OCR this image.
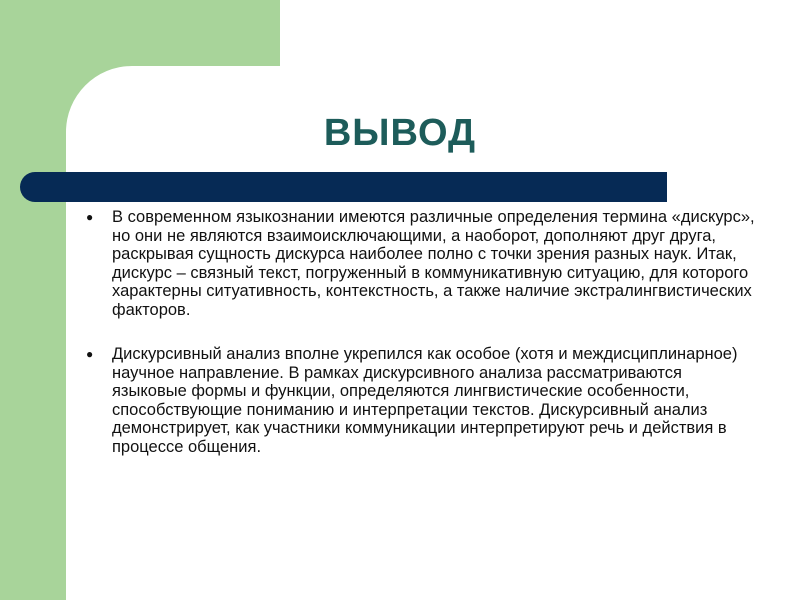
ВЫВОД
● В современном языкознании имеются различные определения термина «дискурс», но они не являются взаимоисключающими, а наоборот, дополняют друг друга, раскрывая сущность дискурса наиболее полно с точки зрения разных наук. Итак, дискурс – связный текст, погруженный в коммуникативную ситуацию, для которого характерны ситуативность, контекстность, а также наличие экстралингвистических факторов.
● Дискурсивный анализ вполне укрепился как особое (хотя и междисциплинарное) научное направление. В рамках дискурсивного анализа рассматриваются языковые формы и функции, определяются лингвистические особенности, способствующие пониманию и интерпретации текстов. Дискурсивный анализ демонстрирует, как участники коммуникации интерпретируют речь и действия в процессе общения.
